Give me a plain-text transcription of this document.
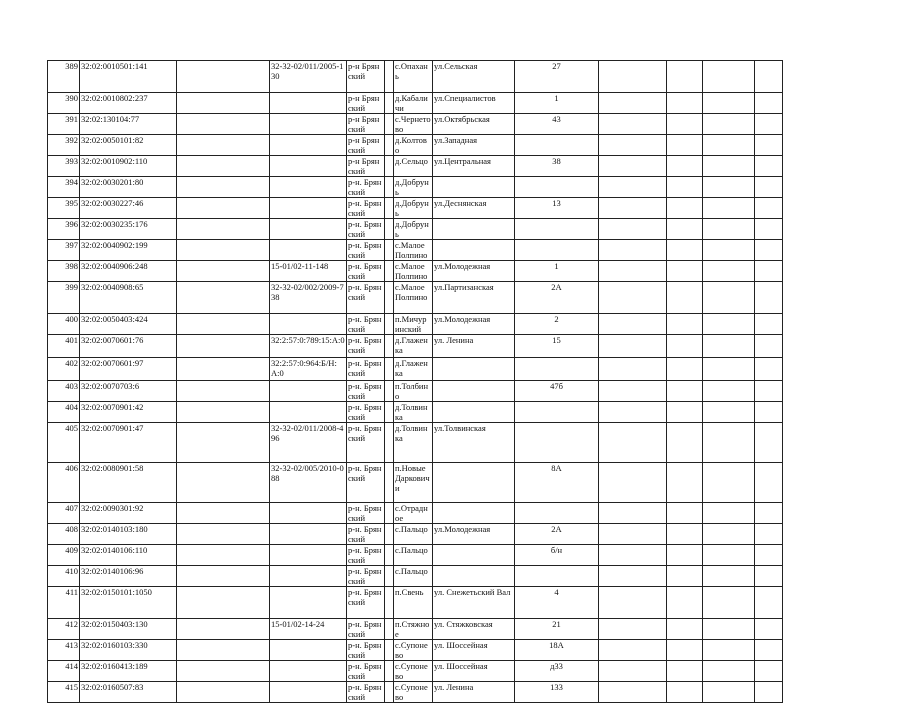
389	32:02:0010501:141		32-32-02/011/2005-130	р-н Брянский		с.Опахань	ул.Сельская	27				
390	32:02:0010802:237			р-н Брянский		д.Кабаличи	ул.Специалистов	1				
391	32:02:130104:77			р-н Брянский		с.Чернетово	ул.Октябрьская	43				
392	32:02:0050101:82			р-н Брянский		д.Колтово	ул.Западная					
393	32:02:0010902:110			р-н Брянский		д.Сельцо	ул.Центральная	38				
394	32:02:0030201:80			р-н. Брянский		д.Добрунь						
395	32:02:0030227:46			р-н. Брянский		д.Добрунь	ул.Деснянская	13				
396	32:02:0030235:176			р-н. Брянский		д.Добрунь						
397	32:02:0040902:199			р-н. Брянский		с.Малое Полпино						
398	32:02:0040906:248		15-01/02-11-148	р-н. Брянский		с.Малое Полпино	ул.Молодежная	1				
399	32:02:0040908:65		32-32-02/002/2009-738	р-н. Брянский		с.Малое Полпино	ул.Партизанская	2А				
400	32:02:0050403:424			р-н. Брянский		п.Мичуринский	ул.Молодежная	2				
401	32:02:0070601:76		32:2:57:0:789:15:А:0	р-н. Брянский		д.Глаженка	ул. Ленина	15				
402	32:02:0070601:97		32:2:57:0:964:Б/Н:А:0	р-н. Брянский		д.Глаженка						
403	32:02:0070703:6			р-н. Брянский		п.Толбино		47б				
404	32:02:0070901:42			р-н. Брянский		д.Толвинка						
405	32:02:0070901:47		32-32-02/011/2008-496	р-н. Брянский		д.Толвинка	ул.Толвинская					
406	32:02:0080901:58		32-32-02/005/2010-088	р-н. Брянский		п.Новые Дарковичи		8А				
407	32:02:0090301:92			р-н. Брянский		с.Отрадное						
408	32:02:0140103:180			р-н. Брянский		с.Пальцо	ул.Молодежная	2А				
409	32:02:0140106:110			р-н. Брянский		с.Пальцо		б/н				
410	32:02:0140106:96			р-н. Брянский		с.Пальцо						
411	32:02:0150101:1050			р-н. Брянский		п.Свень	ул. Снежетьский Вал	4				
412	32:02:0150403:130		15-01/02-14-24	р-н. Брянский		п.Стяжное	ул. Стяжковская	21				
413	32:02:0160103:330			р-н. Брянский		с.Супонево	ул. Шоссейная	18А				
414	32:02:0160413:189			р-н. Брянский		с.Супонево	ул. Шоссейная	д33				
415	32:02:0160507:83			р-н. Брянский		с.Супонево	ул. Ленина	133				
